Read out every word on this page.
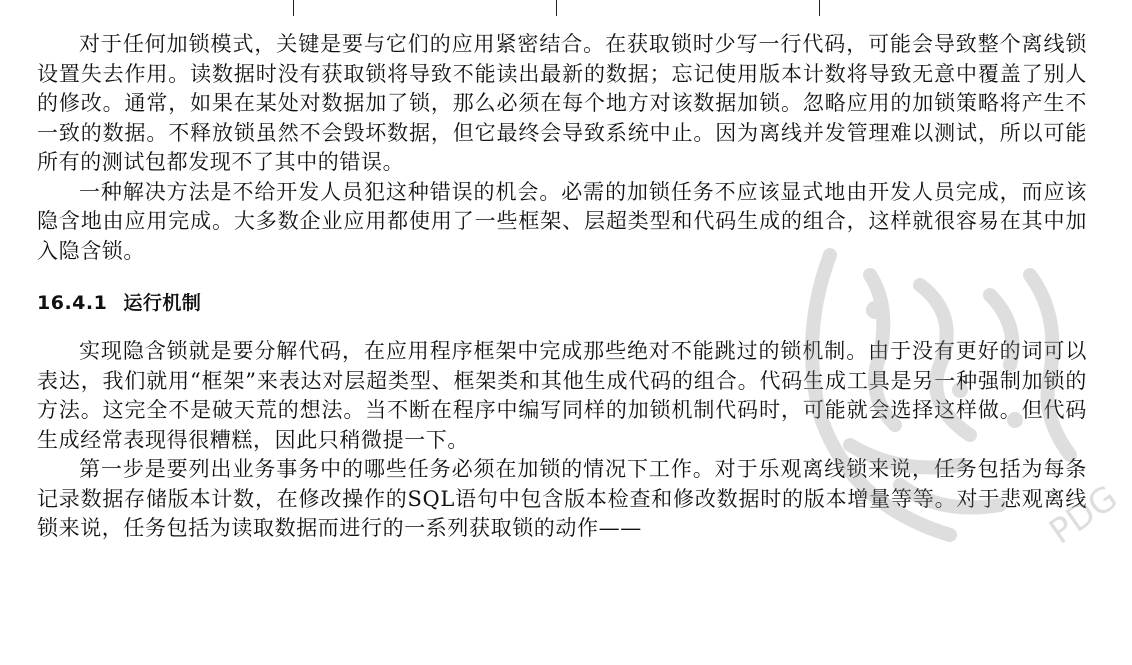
对于任何加锁模式，关键是要与它们的应用紧密结合。在获取锁时少写一行代码，可能会导致整个离线锁设置失去作用。读数据时没有获取锁将导致不能读出最新的数据；忘记使用版本计数将导致无意中覆盖了别人的修改。通常，如果在某处对数据加了锁，那么必须在每个地方对该数据加锁。忽略应用的加锁策略将产生不一致的数据。不释放锁虽然不会毁坏数据，但它最终会导致系统中止。因为离线并发管理难以测试，所以可能所有的测试包都发现不了其中的错误。

一种解决方法是不给开发人员犯这种错误的机会。必需的加锁任务不应该显式地由开发人员完成，而应该隐含地由应用完成。大多数企业应用都使用了一些框架、层超类型和代码生成的组合，这样就很容易在其中加入隐含锁。

16.4.1 运行机制

实现隐含锁就是要分解代码，在应用程序框架中完成那些绝对不能跳过的锁机制。由于没有更好的词可以表达，我们就用“框架”来表达对层超类型、框架类和其他生成代码的组合。代码生成工具是另一种强制加锁的方法。这完全不是破天荒的想法。当不断在程序中编写同样的加锁机制代码时，可能就会选择这样做。但代码生成经常表现得很糟糕，因此只稍微提一下。

第一步是要列出业务事务中的哪些任务必须在加锁的情况下工作。对于乐观离线锁来说，任务包括为每条记录数据存储版本计数，在修改操作的SQL语句中包含版本检查和修改数据时的版本增量等等。对于悲观离线锁来说，任务包括为读取数据而进行的一系列获取锁的动作——	PDG
